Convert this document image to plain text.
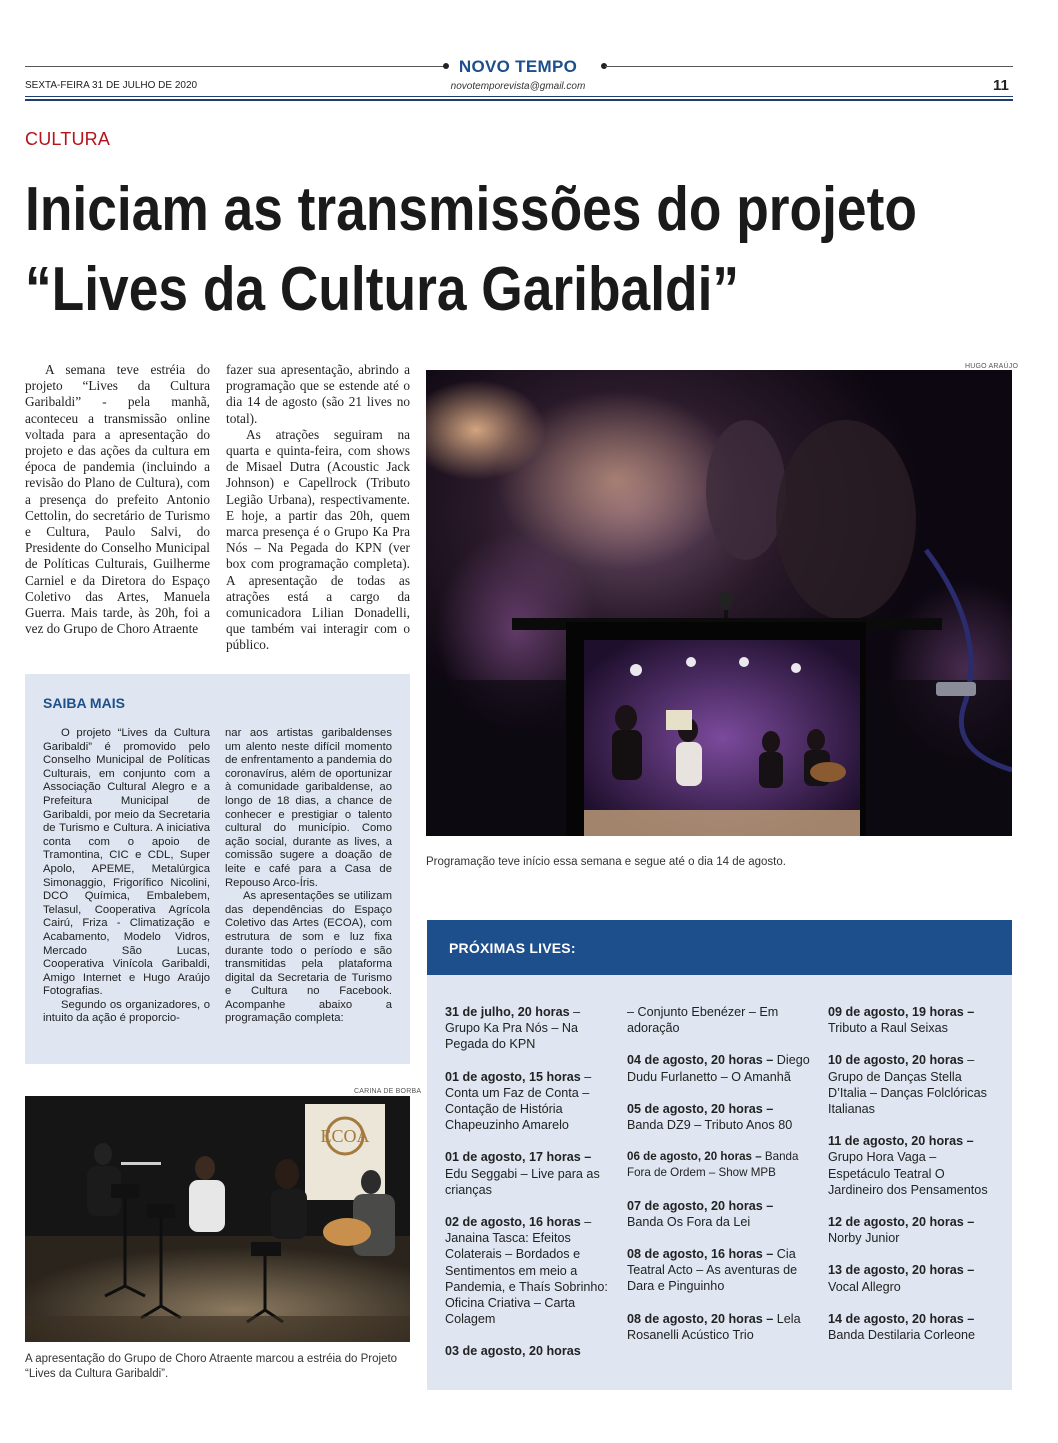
NOVO TEMPO
SEXTA-FEIRA 31 DE JULHO DE 2020	novotemporevista@gmail.com	11
CULTURA
Iniciam as transmissões do projeto
“Lives da Cultura Garibaldi”

A semana teve estréia do projeto “Lives da Cultura Garibaldi” - pela manhã, aconteceu a transmissão online voltada para a apresentação do projeto e das ações da cultura em época de pandemia (incluindo a revisão do Plano de Cultura), com a presença do prefeito Antonio Cettolin, do secretário de Turismo e Cultura, Paulo Salvi, do Presidente do Conselho Municipal de Políticas Culturais, Guilherme Carniel e da Diretora do Espaço Coletivo das Artes, Manuela Guerra. Mais tarde, às 20h, foi a vez do Grupo de Choro Atraente

fazer sua apresentação, abrindo a programação que se estende até o dia 14 de agosto (são 21 lives no total).

As atrações seguiram na quarta e quinta-feira, com shows de Misael Dutra (Acoustic Jack Johnson) e Capellrock (Tributo Legião Urbana), respectivamente. E hoje, a partir das 20h, quem marca presença é o Grupo Ka Pra Nós – Na Pegada do KPN (ver box com programação completa). A apresentação de todas as atrações está a cargo da comunicadora Lilian Donadelli, que também vai interagir com o público.

HUGO ARAÚJO
Programação teve início essa semana e segue até o dia 14 de agosto.
SAIBA MAIS

O projeto “Lives da Cultura Garibaldi” é promovido pelo Conselho Municipal de Políticas Culturais, em conjunto com a Associação Cultural Alegro e a Prefeitura Municipal de Garibaldi, por meio da Secretaria de Turismo e Cultura. A iniciativa conta com o apoio de Tramontina, CIC e CDL, Super Apolo, APEME, Metalúrgica Simonaggio, Frigorífico Nicolini, DCO Química, Embalebem, Telasul, Cooperativa Agrícola Cairú, Friza - Climatização e Acabamento, Modelo Vidros, Mercado São Lucas, Cooperativa Vinícola Garibaldi, Amigo Internet e Hugo Araújo Fotografias.

Segundo os organizadores, o intuito da ação é proporcio-

nar aos artistas garibaldenses um alento neste difícil momento de enfrentamento a pandemia do coronavírus, além de oportunizar à comunidade garibaldense, ao longo de 18 dias, a chance de conhecer e prestigiar o talento cultural do município. Como ação social, durante as lives, a comissão sugere a doação de leite e café para a Casa de Repouso Arco-Íris.

As apresentações se utilizam das dependências do Espaço Coletivo das Artes (ECOA), com estrutura de som e luz fixa durante todo o período e são transmitidas pela plataforma digital da Secretaria de Turismo e Cultura no Facebook. Acompanhe abaixo a programação completa:

CARINA DE BORBA
ECOA
A apresentação do Grupo de Choro Atraente marcou a estréia do Projeto “Lives da Cultura Garibaldi”.
PRÓXIMAS LIVES:
31 de julho, 20 horas – Grupo Ka Pra Nós – Na Pegada do KPN
01 de agosto, 15 horas – Conta um Faz de Conta – Contação de História Chapeuzinho Amarelo
01 de agosto, 17 horas – Edu Seggabi – Live para as crianças
02 de agosto, 16 horas – Janaina Tasca: Efeitos Colaterais – Bordados e Sentimentos em meio a Pandemia, e Thaís Sobrinho: Oficina Criativa – Carta Colagem
03 de agosto, 20 horas
– Conjunto Ebenézer – Em adoração
04 de agosto, 20 horas – Diego Dudu Furlanetto – O Amanhã
05 de agosto, 20 horas – Banda DZ9 – Tributo Anos 80
06 de agosto, 20 horas – Banda Fora de Ordem – Show MPB
07 de agosto, 20 horas – Banda Os Fora da Lei
08 de agosto, 16 horas – Cia Teatral Acto – As aventuras de Dara e Pinguinho
08 de agosto, 20 horas – Lela Rosanelli Acústico Trio
09 de agosto, 19 horas – Tributo a Raul Seixas
10 de agosto, 20 horas – Grupo de Danças Stella D’Italia – Danças Folclóricas Italianas
11 de agosto, 20 horas – Grupo Hora Vaga – Espetáculo Teatral O Jardineiro dos Pensamentos
12 de agosto, 20 horas – Norby Junior
13 de agosto, 20 horas – Vocal Allegro
14 de agosto, 20 horas – Banda Destilaria Corleone
